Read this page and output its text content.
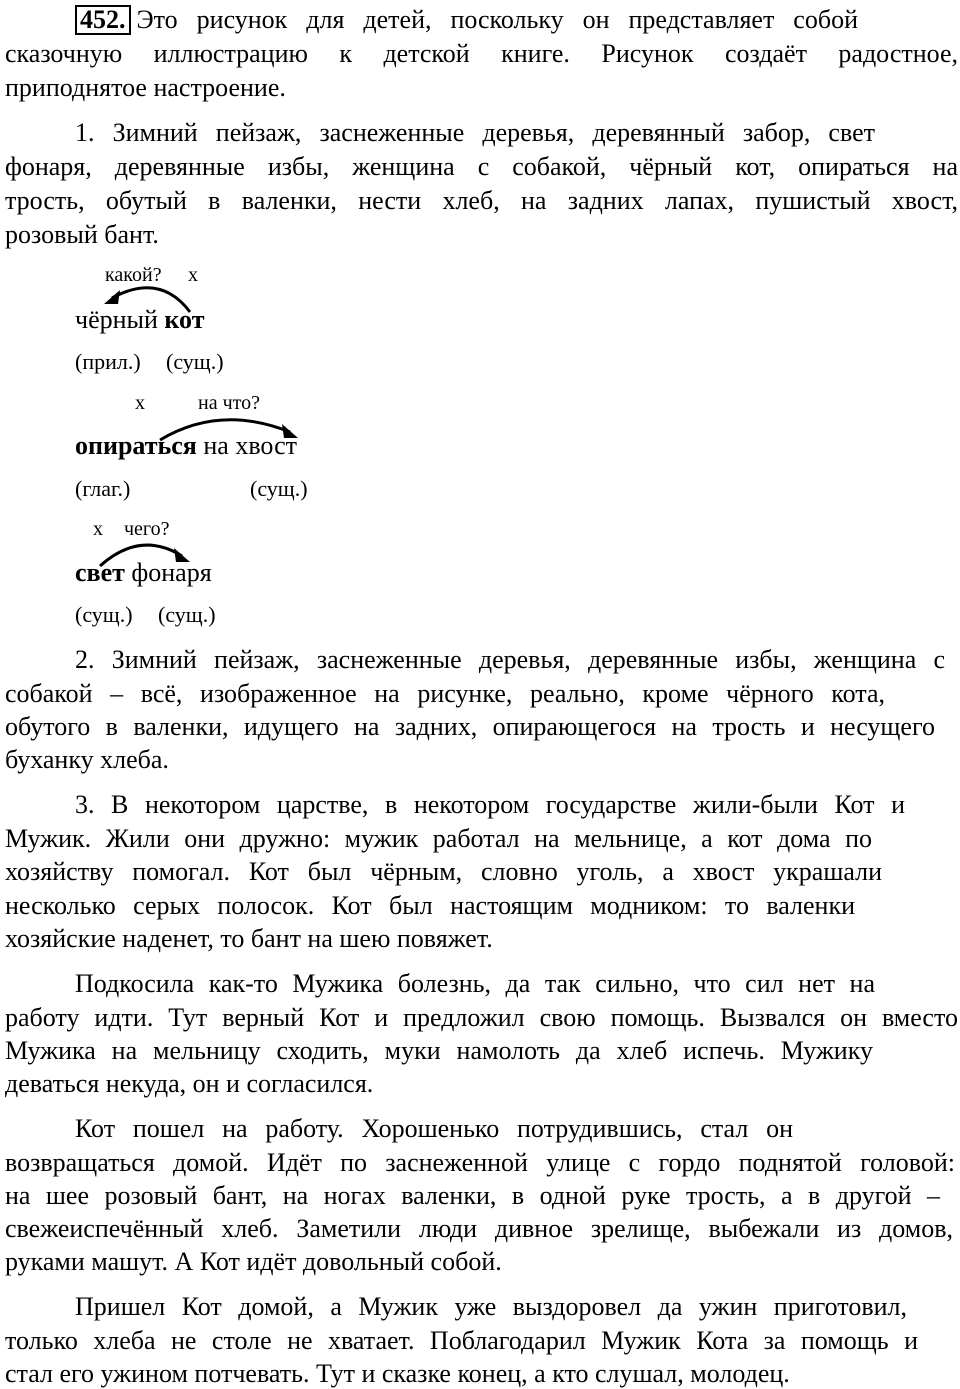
452. Это рисунок для детей, поскольку он представляет собой
сказочную иллюстрацию к детской книге. Рисунок создаёт радостное,
приподнятое настроение.
1. Зимний пейзаж, заснеженные деревья, деревянный забор, свет
фонаря, деревянные избы, женщина с собакой, чёрный кот, опираться на
трость, обутый в валенки, нести хлеб, на задних лапах, пушистый хвост,
розовый бант.
какой? х
чёрный кот
(прил.) (сущ.)
х	на что?
опираться на хвост
(глаг.)	(сущ.)
х чего?
свет фонаря
(сущ.) (сущ.)
2. Зимний пейзаж, заснеженные деревья, деревянные избы, женщина с
собакой – всё, изображенное на рисунке, реально, кроме чёрного кота,
обутого в валенки, идущего на задних, опирающегося на трость и несущего
буханку хлеба.
3. В некотором царстве, в некотором государстве жили-были Кот и
Мужик. Жили они дружно: мужик работал на мельнице, а кот дома по
хозяйству помогал. Кот был чёрным, словно уголь, а хвост украшали
несколько серых полосок. Кот был настоящим модником: то валенки
хозяйские наденет, то бант на шею повяжет.
Подкосила как-то Мужика болезнь, да так сильно, что сил нет на
работу идти. Тут верный Кот и предложил свою помощь. Вызвался он вместо
Мужика на мельницу сходить, муки намолоть да хлеб испечь. Мужику
деваться некуда, он и согласился.
Кот пошел на работу. Хорошенько потрудившись, стал он
возвращаться домой. Идёт по заснеженной улице с гордо поднятой головой:
на шее розовый бант, на ногах валенки, в одной руке трость, а в другой –
свежеиспечённый хлеб. Заметили люди дивное зрелище, выбежали из домов,
руками машут. А Кот идёт довольный собой.
Пришел Кот домой, а Мужик уже выздоровел да ужин приготовил,
только хлеба не столе не хватает. Поблагодарил Мужик Кота за помощь и
стал его ужином потчевать. Тут и сказке конец, а кто слушал, молодец.
